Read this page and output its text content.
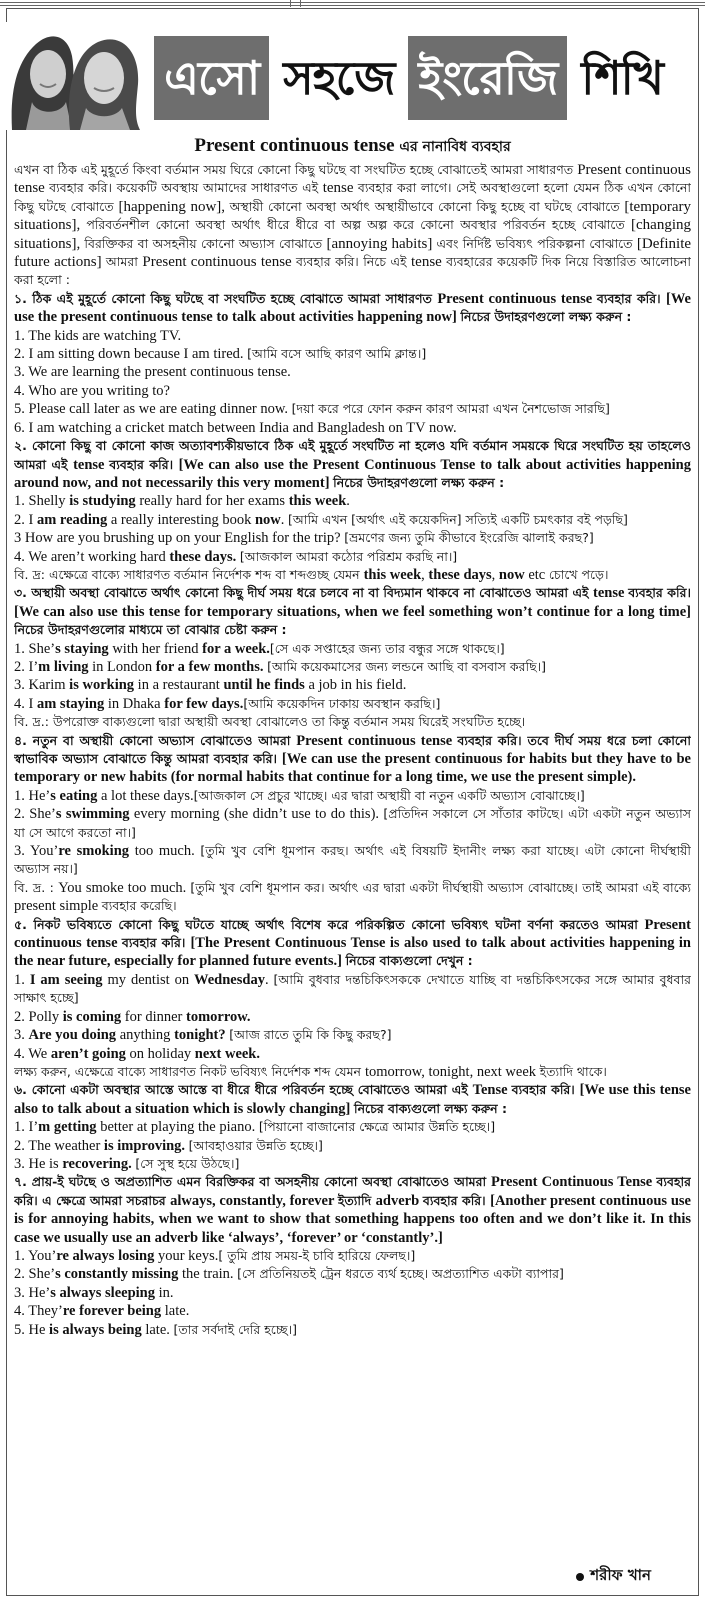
এসো সহজে ইংরেজি শিখি
Present continuous tense এর নানাবিধ ব্যবহার

এখন বা ঠিক এই মুহূর্তে কিংবা বর্তমান সময় ঘিরে কোনো কিছু ঘটছে বা সংঘটিত হচ্ছে বোঝাতেই আমরা সাধারণত Present continuous tense ব্যবহার করি। কয়েকটি অবস্থায় আমাদের সাধারণত এই tense ব্যবহার করা লাগে। সেই অবস্থাগুলো হলো যেমন ঠিক এখন কোনো কিছু ঘটছে বোঝাতে [happening now], অস্থায়ী কোনো অবস্থা অর্থাৎ অস্থায়ীভাবে কোনো কিছু হচ্ছে বা ঘটছে বোঝাতে [temporary situations], পরিবর্তনশীল কোনো অবস্থা অর্থাৎ ধীরে ধীরে বা অল্প অল্প করে কোনো অবস্থার পরিবর্তন হচ্ছে বোঝাতে [changing situations], বিরক্তিকর বা অসহনীয় কোনো অভ্যাস বোঝাতে [annoying habits] এবং নির্দিষ্ট ভবিষ্যৎ পরিকল্পনা বোঝাতে [Definite future actions] আমরা Present continuous tense ব্যবহার করি। নিচে এই tense ব্যবহারের কয়েকটি দিক নিয়ে বিস্তারিত আলোচনা করা হলো :

১. ঠিক এই মুহূর্তে কোনো কিছু ঘটছে বা সংঘটিত হচ্ছে বোঝাতে আমরা সাধারণত Present continuous tense ব্যবহার করি। [We use the present continuous tense to talk about activities happening now] নিচের উদাহরণগুলো লক্ষ্য করুন :

1. The kids are watching TV.

2. I am sitting down because I am tired. [আমি বসে আছি কারণ আমি ক্লান্ত।]

3. We are learning the present continuous tense.

4. Who are you writing to?

5. Please call later as we are eating dinner now. [দয়া করে পরে ফোন করুন কারণ আমরা এখন নৈশভোজ সারছি]

6. I am watching a cricket match between India and Bangladesh on TV now.

২. কোনো কিছু বা কোনো কাজ অত্যাবশ্যকীয়ভাবে ঠিক এই মুহূর্তে সংঘটিত না হলেও যদি বর্তমান সময়কে ঘিরে সংঘটিত হয় তাহলেও আমরা এই tense ব্যবহার করি। [We can also use the Present Continuous Tense to talk about activities happening around now, and not necessarily this very moment] নিচের উদাহরণগুলো লক্ষ্য করুন :

1. Shelly is studying really hard for her exams this week.

2. I am reading a really interesting book now. [আমি এখন [অর্থাৎ এই কয়েকদিন] সত্যিই একটি চমৎকার বই পড়ছি]

3 How are you brushing up on your English for the trip? [ভ্রমণের জন্য তুমি কীভাবে ইংরেজি ঝালাই করছ?]

4. We aren’t working hard these days. [আজকাল আমরা কঠোর পরিশ্রম করছি না।]

বি. দ্র: এক্ষেত্রে বাক্যে সাধারণত বর্তমান নির্দেশক শব্দ বা শব্দগুচ্ছ যেমন this week, these days, now etc চোখে পড়ে।

৩. অস্থায়ী অবস্থা বোঝাতে অর্থাৎ কোনো কিছু দীর্ঘ সময় ধরে চলবে না বা বিদ্যমান থাকবে না বোঝাতেও আমরা এই tense ব্যবহার করি। [We can also use this tense for temporary situations, when we feel something won’t continue for a long time] নিচের উদাহরণগুলোর মাধ্যমে তা বোঝার চেষ্টা করুন :

1. She’s staying with her friend for a week.[সে এক সপ্তাহের জন্য তার বন্ধুর সঙ্গে থাকছে।]

2. I’m living in London for a few months. [আমি কয়েকমাসের জন্য লন্ডনে আছি বা বসবাস করছি।]

3. Karim is working in a restaurant until he finds a job in his field.

4. I am staying in Dhaka for few days.[আমি কয়েকদিন ঢাকায় অবস্থান করছি।]

বি. দ্র.: উপরোক্ত বাক্যগুলো দ্বারা অস্থায়ী অবস্থা বোঝালেও তা কিন্তু বর্তমান সময় ঘিরেই সংঘটিত হচ্ছে।

৪. নতুন বা অস্থায়ী কোনো অভ্যাস বোঝাতেও আমরা Present continuous tense ব্যবহার করি। তবে দীর্ঘ সময় ধরে চলা কোনো স্বাভাবিক অভ্যাস বোঝাতে কিন্তু আমরা ব্যবহার করি। [We can use the present continuous for habits but they have to be temporary or new habits (for normal habits that continue for a long time, we use the present simple).

1. He’s eating a lot these days.[আজকাল সে প্রচুর খাচ্ছে। এর দ্বারা অস্থায়ী বা নতুন একটি অভ্যাস বোঝাচ্ছে।]

2. She’s swimming every morning (she didn’t use to do this). [প্রতিদিন সকালে সে সাঁতার কাটছে। এটা একটা নতুন অভ্যাস যা সে আগে করতো না।]

3. You’re smoking too much. [তুমি খুব বেশি ধূমপান করছ। অর্থাৎ এই বিষয়টি ইদানীং লক্ষ্য করা যাচ্ছে। এটা কোনো দীর্ঘস্থায়ী অভ্যাস নয়।]

বি. দ্র. : You smoke too much. [তুমি খুব বেশি ধূমপান কর। অর্থাৎ এর দ্বারা একটা দীর্ঘস্থায়ী অভ্যাস বোঝাচ্ছে। তাই আমরা এই বাক্যে present simple ব্যবহার করেছি।

৫. নিকট ভবিষ্যতে কোনো কিছু ঘটতে যাচ্ছে অর্থাৎ বিশেষ করে পরিকল্পিত কোনো ভবিষ্যৎ ঘটনা বর্ণনা করতেও আমরা Present continuous tense ব্যবহার করি। [The Present Continuous Tense is also used to talk about activities happening in the near future, especially for planned future events.] নিচের বাক্যগুলো দেখুন :

1. I am seeing my dentist on Wednesday. [আমি বুধবার দন্তচিকিৎসককে দেখাতে যাচ্ছি বা দন্তচিকিৎসকের সঙ্গে আমার বুধবার সাক্ষাৎ হচ্ছে]

2. Polly is coming for dinner tomorrow.

3. Are you doing anything tonight? [আজ রাতে তুমি কি কিছু করছ?]

4. We aren’t going on holiday next week.

লক্ষ্য করুন, এক্ষেত্রে বাক্যে সাধারণত নিকট ভবিষ্যৎ নির্দেশক শব্দ যেমন tomorrow, tonight, next week ইত্যাদি থাকে।

৬. কোনো একটা অবস্থার আস্তে আস্তে বা ধীরে ধীরে পরিবর্তন হচ্ছে বোঝাতেও আমরা এই Tense ব্যবহার করি। [We use this tense also to talk about a situation which is slowly changing] নিচের বাক্যগুলো লক্ষ্য করুন :

1. I’m getting better at playing the piano. [পিয়ানো বাজানোর ক্ষেত্রে আমার উন্নতি হচ্ছে।]

2. The weather is improving. [আবহাওয়ার উন্নতি হচ্ছে।]

3. He is recovering. [সে সুস্থ হয়ে উঠছে।]

৭. প্রায়-ই ঘটছে ও অপ্রত্যাশিত এমন বিরক্তিকর বা অসহনীয় কোনো অবস্থা বোঝাতেও আমরা Present Continuous Tense ব্যবহার করি। এ ক্ষেত্রে আমরা সচরাচর always, constantly, forever ইত্যাদি adverb ব্যবহার করি। [Another present continuous use is for annoying habits, when we want to show that something happens too often and we don’t like it. In this case we usually use an adverb like ‘always’, ‘forever’ or ‘constantly’.]

1. You’re always losing your keys.[ তুমি প্রায় সময়-ই চাবি হারিয়ে ফেলছ।]

2. She’s constantly missing the train. [সে প্রতিনিয়তই ট্রেন ধরতে ব্যর্থ হচ্ছে। অপ্রত্যাশিত একটা ব্যাপার]

3. He’s always sleeping in.

4. They’re forever being late.

5. He is always being late. [তার সর্বদাই দেরি হচ্ছে।]

শরীফ খান
